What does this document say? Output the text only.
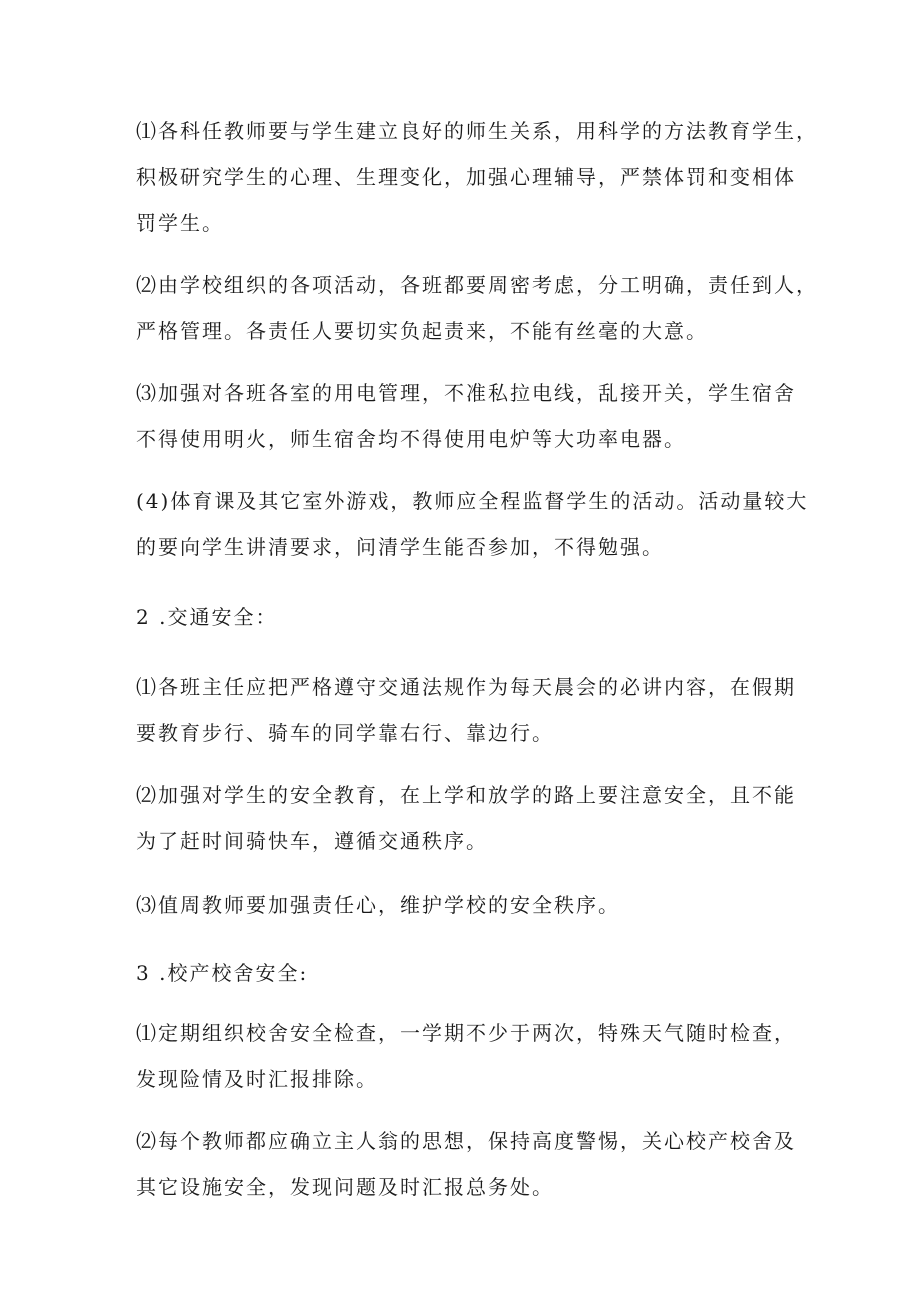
⑴各科任教师要与学生建立良好的师生关系，用科学的方法教育学生，
积极研究学生的心理、生理变化，加强心理辅导，严禁体罚和变相体
罚学生。

⑵由学校组织的各项活动，各班都要周密考虑，分工明确，责任到人，
严格管理。各责任人要切实负起责来，不能有丝毫的大意。

⑶加强对各班各室的用电管理，不准私拉电线，乱接开关，学生宿舍
不得使用明火，师生宿舍均不得使用电炉等大功率电器。

(4)体育课及其它室外游戏，教师应全程监督学生的活动。活动量较大
的要向学生讲清要求，问清学生能否参加，不得勉强。

2 .交通安全：

⑴各班主任应把严格遵守交通法规作为每天晨会的必讲内容，在假期
要教育步行、骑车的同学靠右行、靠边行。

⑵加强对学生的安全教育，在上学和放学的路上要注意安全，且不能
为了赶时间骑快车，遵循交通秩序。

⑶值周教师要加强责任心，维护学校的安全秩序。

3 .校产校舍安全:

⑴定期组织校舍安全检查，一学期不少于两次，特殊天气随时检查，
发现险情及时汇报排除。

⑵每个教师都应确立主人翁的思想，保持高度警惕，关心校产校舍及
其它设施安全，发现问题及时汇报总务处。
